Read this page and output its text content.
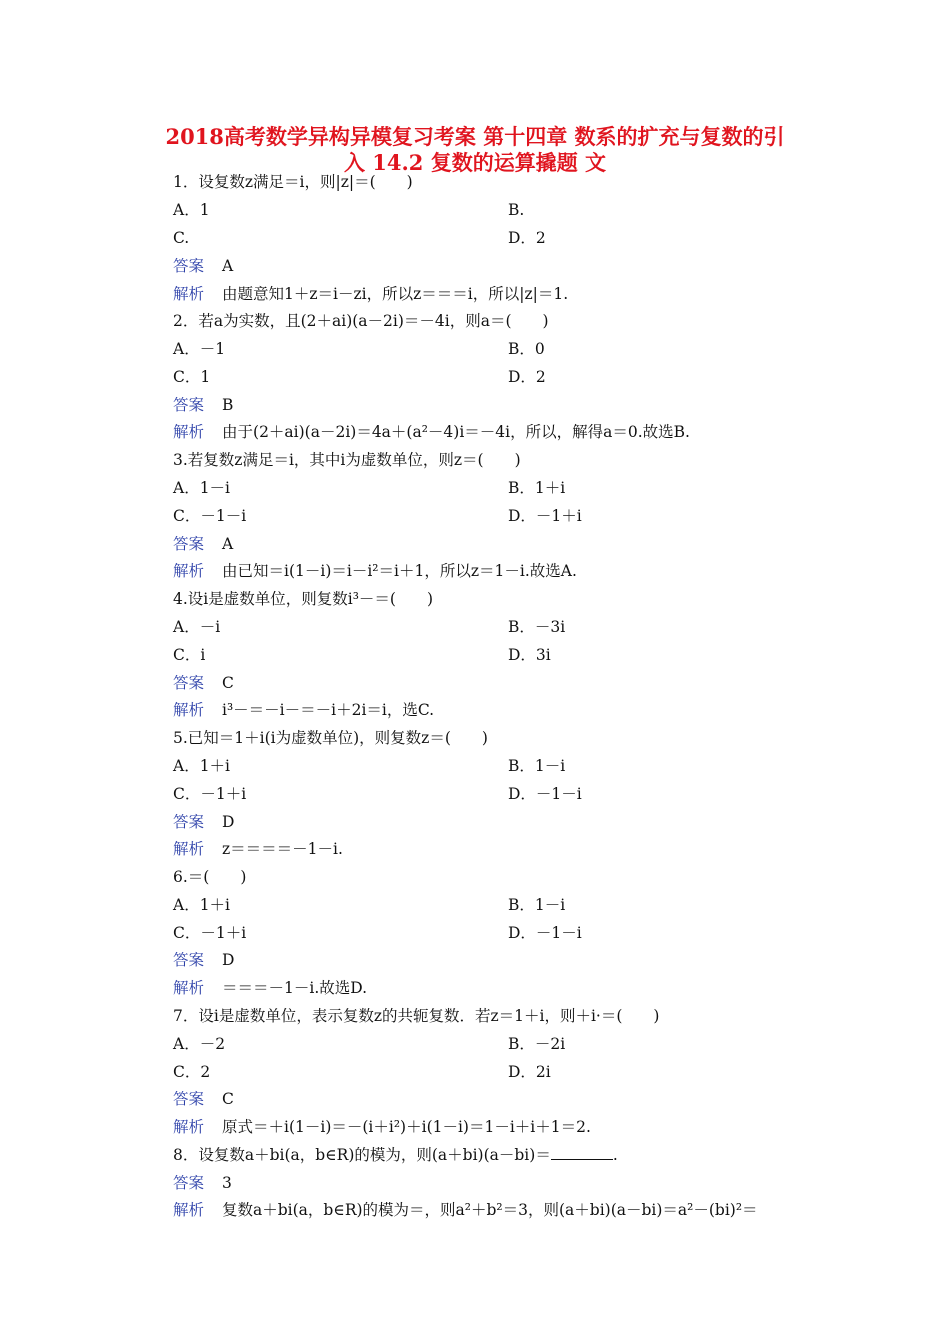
2018高考数学异构异模复习考案 第十四章 数系的扩充与复数的引
入 14.2 复数的运算撬题 文
1．设复数z满足＝i，则|z|＝(　　)
A．1	B.
C.	D．2
答案 A
解析 由题意知1＋z＝i－zi，所以z＝＝＝i，所以|z|＝1.
2．若a为实数，且(2＋ai)(a－2i)＝－4i，则a＝(　　)
A．－1	B．0
C．1	D．2
答案 B
解析 由于(2＋ai)(a－2i)＝4a＋(a²－4)i＝－4i，所以，解得a＝0.故选B.
3.若复数z满足＝i，其中i为虚数单位，则z＝(　　)
A．1－i	B．1＋i
C．－1－i	D．－1＋i
答案 A
解析 由已知＝i(1－i)＝i－i²＝i＋1，所以z＝1－i.故选A.
4.设i是虚数单位，则复数i³－＝(　　)
A．－i	B．－3i
C．i	D．3i
答案 C
解析 i³－＝－i－＝－i＋2i＝i，选C.
5.已知＝1＋i(i为虚数单位)，则复数z＝(　　)
A．1＋i	B．1－i
C．－1＋i	D．－1－i
答案 D
解析 z＝＝＝＝－1－i.
6.＝(　　)
A．1＋i	B．1－i
C．－1＋i	D．－1－i
答案 D
解析 ＝＝＝－1－i.故选D.
7．设i是虚数单位，表示复数z的共轭复数．若z＝1＋i，则＋i·＝(　　)
A．－2	B．－2i
C．2	D．2i
答案 C
解析 原式＝＋i(1－i)＝－(i＋i²)＋i(1－i)＝1－i＋i＋1＝2.
8．设复数a＋bi(a，b∈R)的模为，则(a＋bi)(a－bi)＝	.
答案 3
解析 复数a＋bi(a，b∈R)的模为＝，则a²＋b²＝3，则(a＋bi)(a－bi)＝a²－(bi)²＝
